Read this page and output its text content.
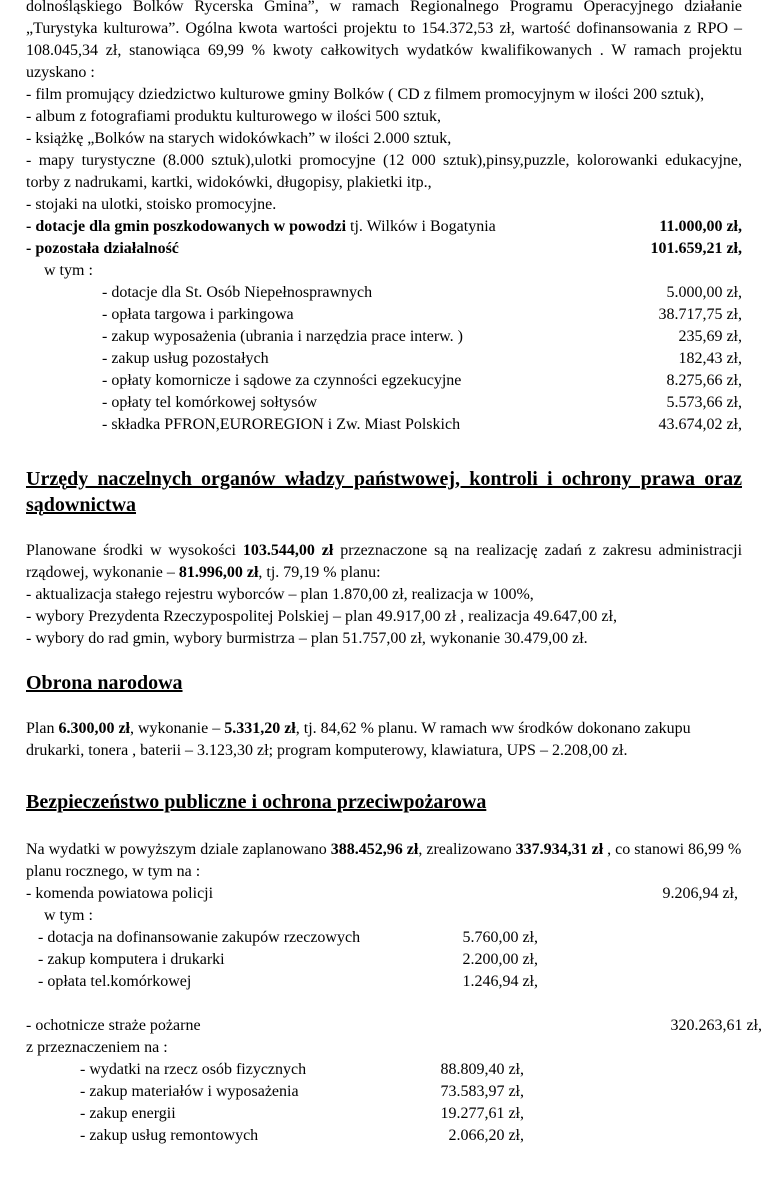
dolnośląskiego Bolków Rycerska Gmina”, w ramach Regionalnego Programu Operacyjnego działanie „Turystyka kulturowa”. Ogólna kwota wartości projektu to 154.372,53 zł, wartość dofinansowania z RPO – 108.045,34 zł, stanowiąca 69,99 % kwoty całkowitych wydatków kwalifikowanych . W ramach projektu uzyskano :

- film promujący dziedzictwo kulturowe gminy Bolków ( CD z filmem promocyjnym w ilości 200 sztuk),

- album z fotografiami produktu kulturowego w ilości 500 sztuk,

- książkę „Bolków na starych widokówkach” w ilości 2.000 sztuk,

- mapy turystyczne (8.000 sztuk),ulotki promocyjne (12 000 sztuk),pinsy,puzzle, kolorowanki edukacyjne, torby z nadrukami, kartki, widokówki, długopisy, plakietki itp.,

- stojaki na ulotki, stoisko promocyjne.

- dotacje dla gmin poszkodowanych w powodzi tj. Wilków i Bogatynia	11.000,00 zł,
- pozostała działalność	101.659,21 zł,

w tym :

- dotacje dla St. Osób Niepełnosprawnych	5.000,00 zł,
- opłata targowa i parkingowa	38.717,75 zł,
- zakup wyposażenia (ubrania i narzędzia prace interw. )	235,69 zł,
- zakup usług pozostałych	182,43 zł,
- opłaty komornicze i sądowe za czynności egzekucyjne	8.275,66 zł,
- opłaty tel komórkowej sołtysów	5.573,66 zł,
- składka PFRON,EUROREGION i Zw. Miast Polskich	43.674,02 zł,
Urzędy naczelnych organów władzy państwowej, kontroli i ochrony prawa oraz sądownictwa

Planowane środki w wysokości 103.544,00 zł przeznaczone są na realizację zadań z zakresu administracji rządowej, wykonanie – 81.996,00 zł, tj. 79,19 % planu:

- aktualizacja stałego rejestru wyborców – plan 1.870,00 zł, realizacja w 100%,

- wybory Prezydenta Rzeczypospolitej Polskiej – plan 49.917,00 zł , realizacja 49.647,00 zł,

- wybory do rad gmin, wybory burmistrza – plan 51.757,00 zł, wykonanie 30.479,00 zł.

Obrona narodowa

Plan 6.300,00 zł, wykonanie – 5.331,20 zł, tj. 84,62 % planu. W ramach ww środków dokonano zakupu drukarki, tonera , baterii – 3.123,30 zł; program komputerowy, klawiatura, UPS – 2.208,00 zł.

Bezpieczeństwo publiczne i ochrona przeciwpożarowa

Na wydatki w powyższym dziale zaplanowano 388.452,96 zł, zrealizowano 337.934,31 zł , co stanowi 86,99 % planu rocznego, w tym na :

- komenda powiatowa policji	9.206,94 zł,

w tym :

- dotacja na dofinansowanie zakupów rzeczowych	5.760,00 zł,
- zakup komputera i drukarki	2.200,00 zł,
- opłata tel.komórkowej	1.246,94 zł,
- ochotnicze straże pożarne	320.263,61 zł,

z przeznaczeniem na :

- wydatki na rzecz osób fizycznych	88.809,40 zł,
- zakup materiałów i wyposażenia	73.583,97 zł,
- zakup energii	19.277,61 zł,
- zakup usług remontowych	2.066,20 zł,
